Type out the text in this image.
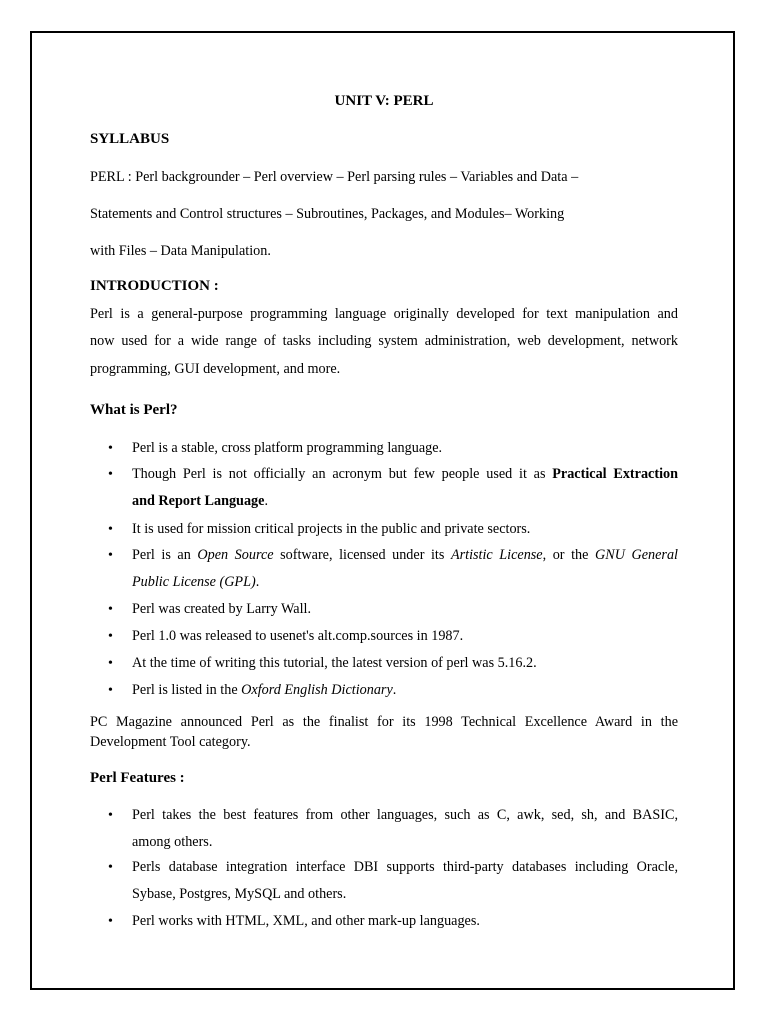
UNIT V: PERL
SYLLABUS
PERL : Perl backgrounder – Perl overview – Perl parsing rules – Variables and Data –
Statements and Control structures – Subroutines, Packages, and Modules– Working
with Files – Data Manipulation.
INTRODUCTION :
Perl is a general-purpose programming language originally developed for text manipulation and
now used for a wide range of tasks including system administration, web development, network
programming, GUI development, and more.
What is Perl?
• Perl is a stable, cross platform programming language.
• Though Perl is not officially an acronym but few people used it as Practical Extraction
and Report Language.
• It is used for mission critical projects in the public and private sectors.
• Perl is an Open Source software, licensed under its Artistic License, or the GNU General
Public License (GPL).
• Perl was created by Larry Wall.
• Perl 1.0 was released to usenet's alt.comp.sources in 1987.
• At the time of writing this tutorial, the latest version of perl was 5.16.2.
• Perl is listed in the Oxford English Dictionary.
PC Magazine announced Perl as the finalist for its 1998 Technical Excellence Award in the
Development Tool category.
Perl Features :
• Perl takes the best features from other languages, such as C, awk, sed, sh, and BASIC,
among others.
• Perls database integration interface DBI supports third-party databases including Oracle,
Sybase, Postgres, MySQL and others.
• Perl works with HTML, XML, and other mark-up languages.
